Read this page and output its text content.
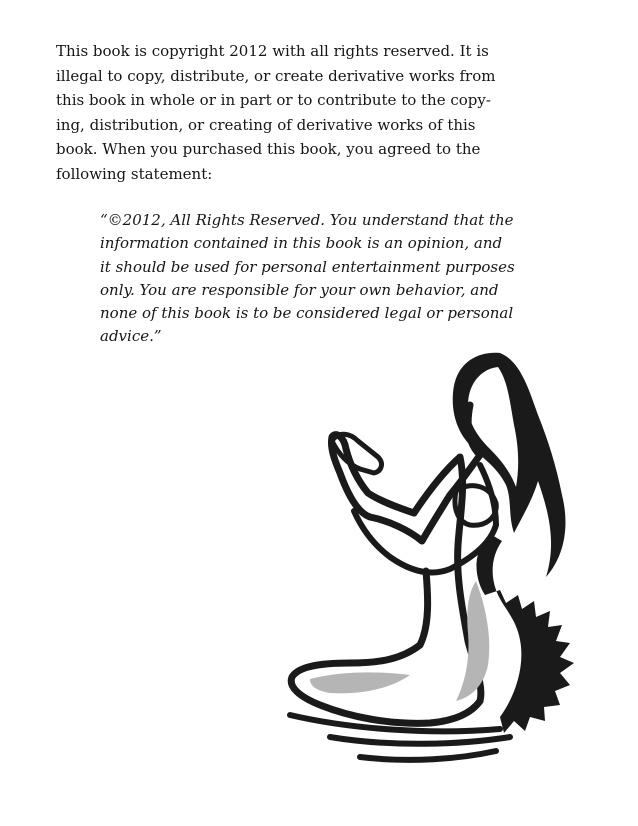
This book is copyright 2012 with all rights reserved. It is
illegal to copy, distribute, or create derivative works from
this book in whole or in part or to contribute to the copy-
ing, distribution, or creating of derivative works of this
book. When you purchased this book, you agreed to the
following statement:

“©2012, All Rights Reserved. You understand that the
information contained in this book is an opinion, and
it should be used for personal entertainment purposes
only. You are responsible for your own behavior, and
none of this book is to be considered legal or personal
advice.”
